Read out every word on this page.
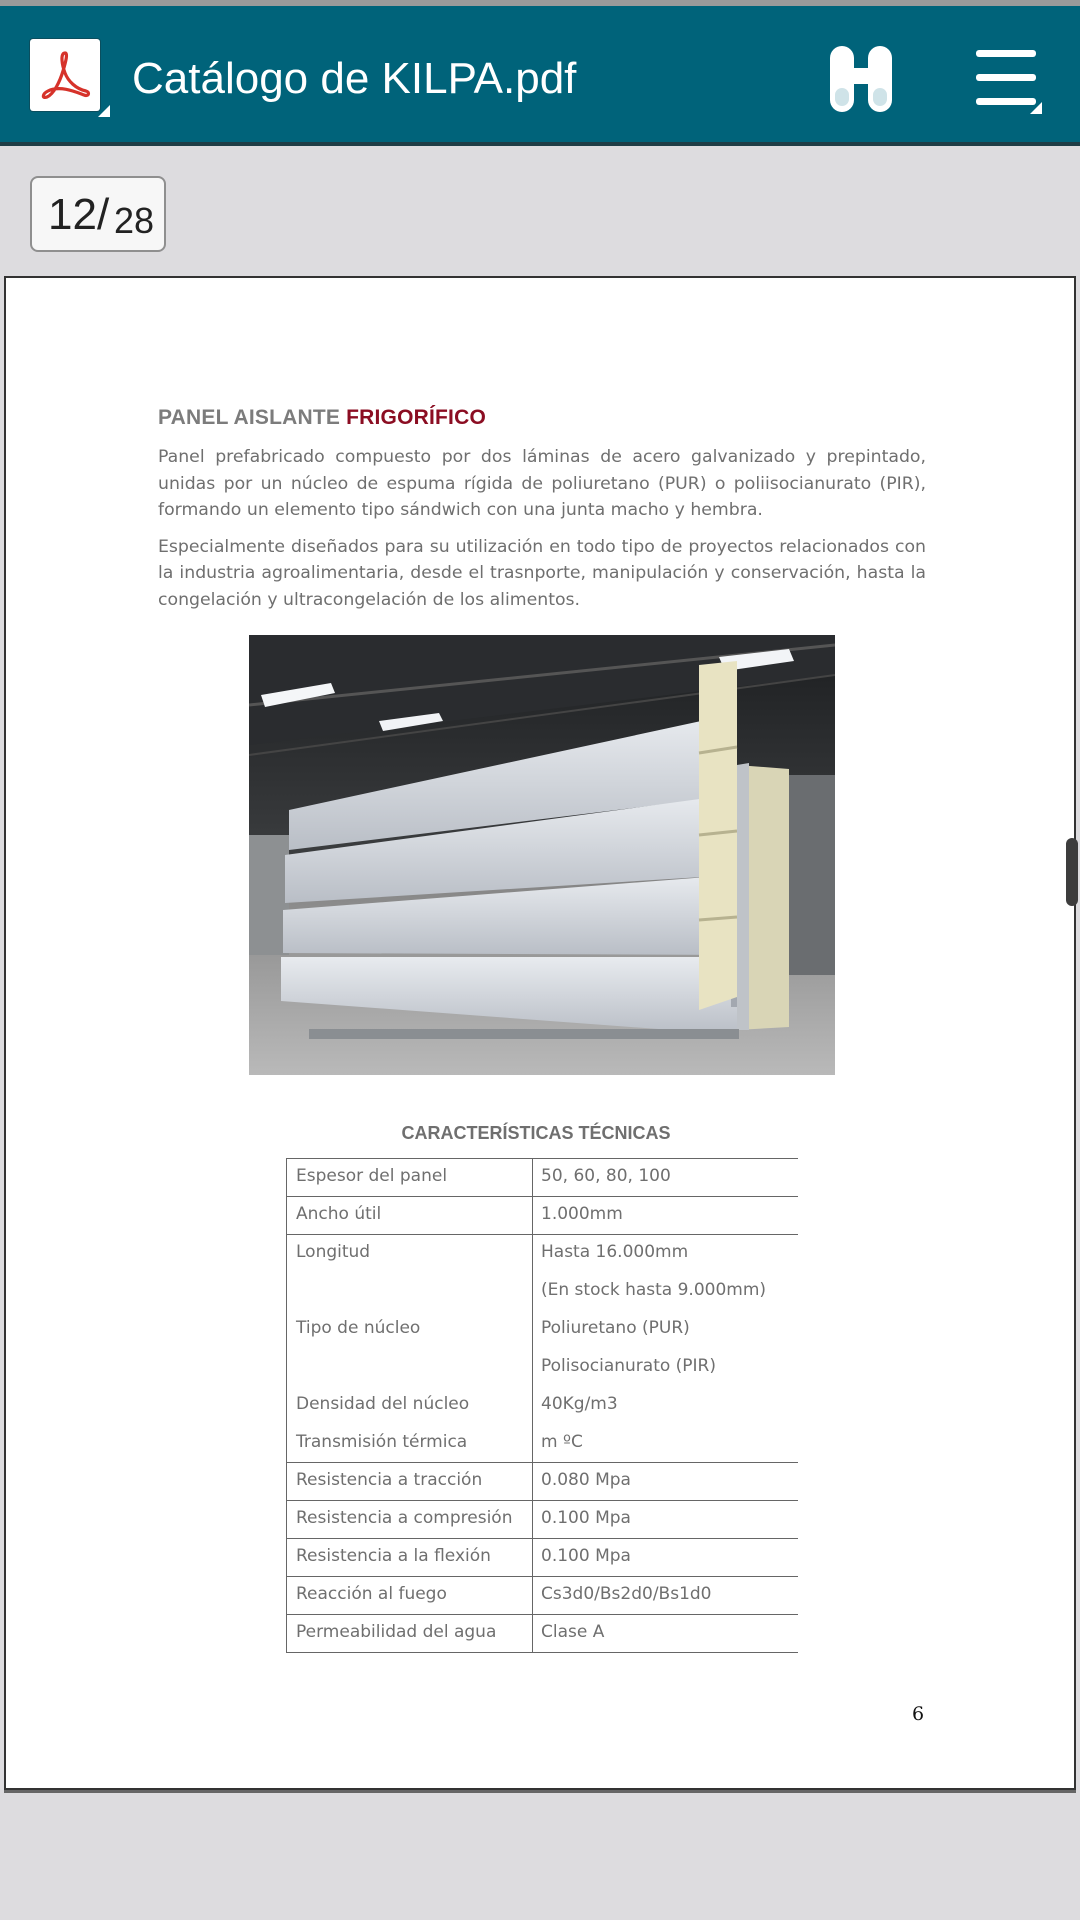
Catálogo de KILPA.pdf
12/ 28
PANEL AISLANTE FRIGORÍFICO

Panel prefabricado compuesto por dos láminas de acero galvanizado y prepintado, unidas por un núcleo de espuma rígida de poliuretano (PUR) o poliisocianurato (PIR), formando un elemento tipo sándwich con una junta macho y hembra.

Especialmente diseñados para su utilización en todo tipo de proyectos relacionados con la industria agroalimentaria, desde el trasnporte, manipulación y conservación, hasta la congelación y ultracongelación de los alimentos.

CARACTERÍSTICAS TÉCNICAS
Espesor del panel	50, 60, 80, 100
Ancho útil	1.000mm
Longitud	Hasta 16.000mm
(En stock hasta 9.000mm)
Tipo de núcleo	Poliuretano (PUR)
Polisocianurato (PIR)
Densidad del núcleo	40Kg/m3
Transmisión térmica	m ºC
Resistencia a tracción	0.080 Mpa
Resistencia a compresión 0.100 Mpa
Resistencia a la flexión	0.100 Mpa
Reacción al fuego	Cs3d0/Bs2d0/Bs1d0
Permeabilidad del agua	Clase A
6
